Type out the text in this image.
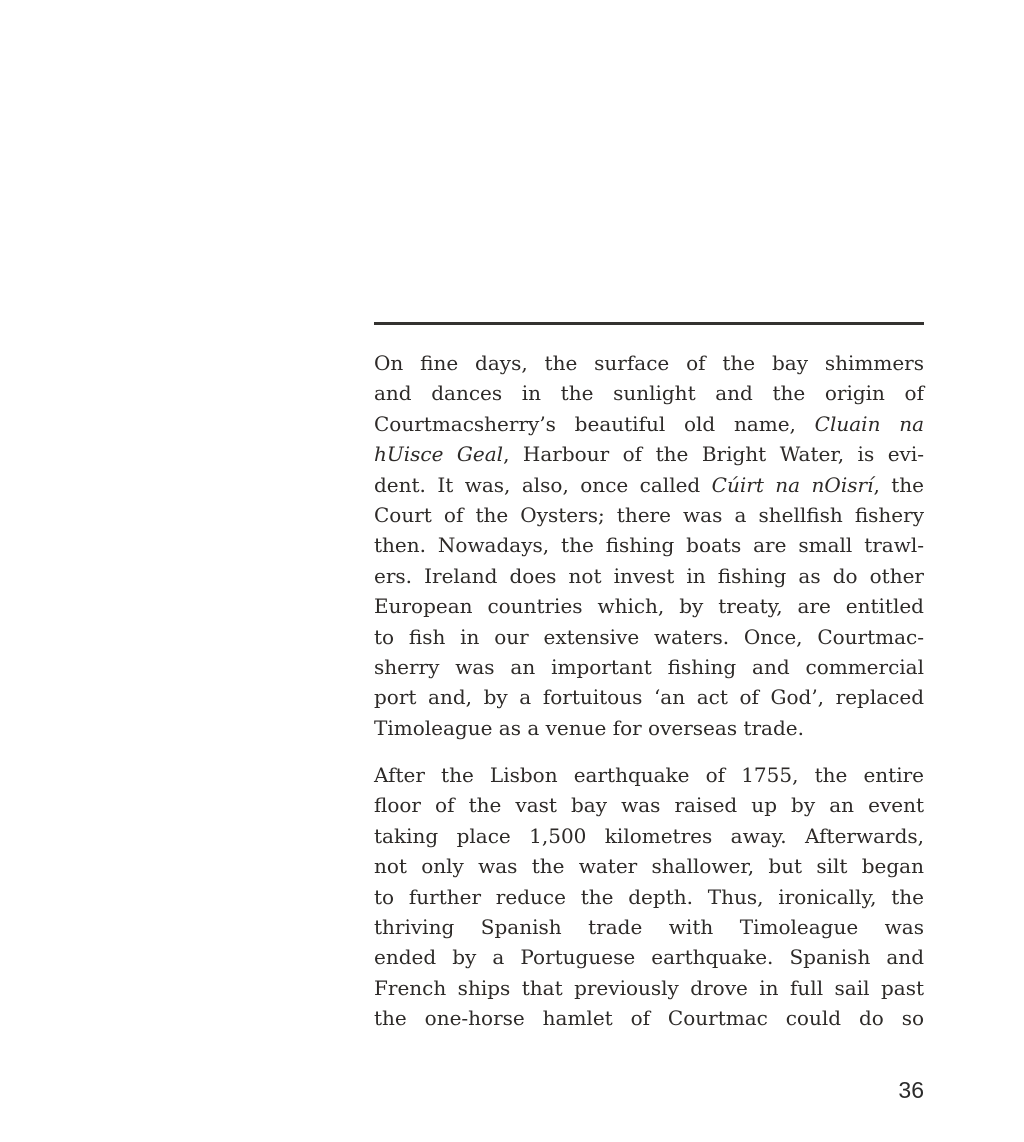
On fine days, the surface of the bay shimmers
and dances in the sunlight and the origin of
Courtmacsherry’s beautiful old name, Cluain na
hUisce Geal, Harbour of the Bright Water, is evi-
dent. It was, also, once called Cúirt na nOisrí, the
Court of the Oysters; there was a shellfish fishery
then. Nowadays, the fishing boats are small trawl-
ers. Ireland does not invest in fishing as do other
European countries which, by treaty, are entitled
to fish in our extensive waters. Once, Courtmac-
sherry was an important fishing and commercial
port and, by a fortuitous ‘an act of God’, replaced
Timoleague as a venue for overseas trade.
After the Lisbon earthquake of 1755, the entire
floor of the vast bay was raised up by an event
taking place 1,500 kilometres away. Afterwards,
not only was the water shallower, but silt began
to further reduce the depth. Thus, ironically, the
thriving Spanish trade with Timoleague was
ended by a Portuguese earthquake. Spanish and
French ships that previously drove in full sail past
the one-horse hamlet of Courtmac could do so
36
